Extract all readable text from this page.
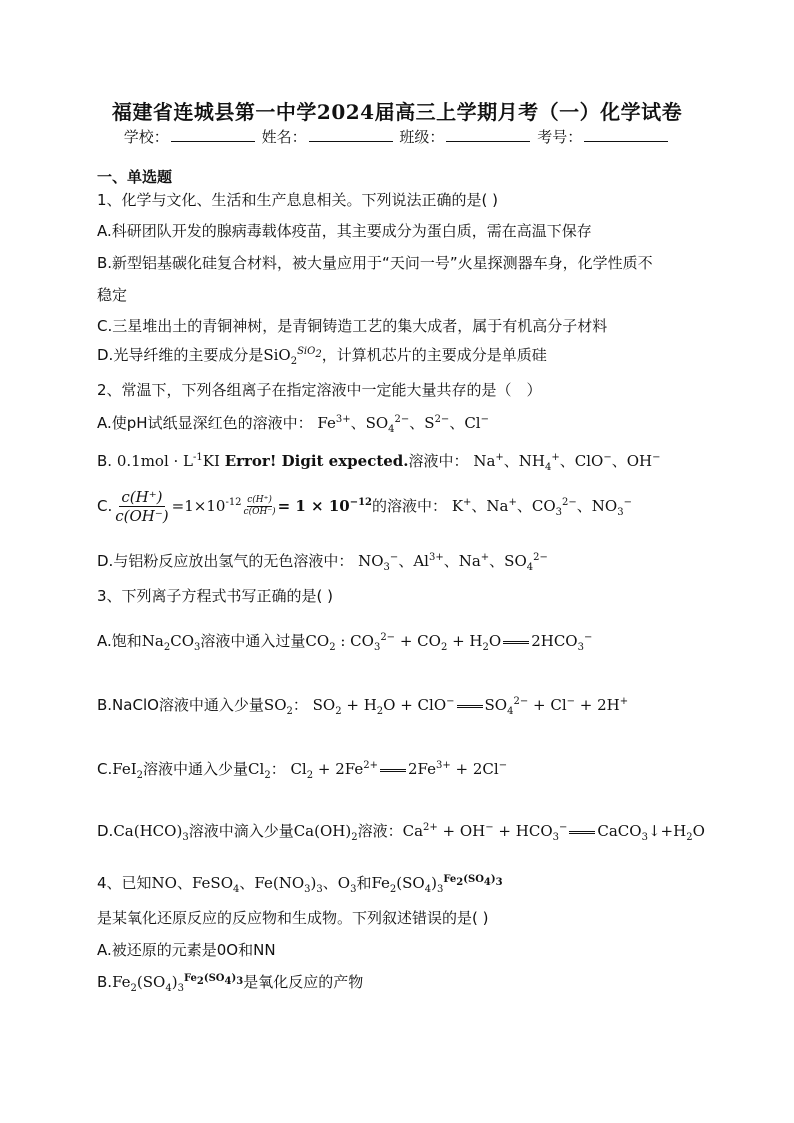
福建省连城县第一中学2024届高三上学期月考（一）化学试卷
学校：	姓名：	班级：	考号：
一、单选题
1、化学与文化、生活和生产息息相关。下列说法正确的是( )
A.科研团队开发的腺病毒载体疫苗，其主要成分为蛋白质，需在高温下保存
B.新型铝基碳化硅复合材料，被大量应用于“天问一号”火星探测器车身，化学性质不
稳定
C.三星堆出土的青铜神树，是青铜铸造工艺的集大成者，属于有机高分子材料
D.光导纤维的主要成分是SiO$_2^{SiO_2}$，计算机芯片的主要成分是单质硅
2、常温下，下列各组离子在指定溶液中一定能大量共存的是（　）
A.使pH试纸显深红色的溶液中： $Fe^{3+}$、$SO_4^{2-}$、$S^{2-}$、Cl−
B. $0.1mol \cdot L^{-1}KI$ Error! Digit expected.溶液中： Na+、$NH_4^+$、ClO−、OH−
C. $\frac{c(H^+)}{c(OH^-)} =1\times 10^{-12} \frac{c(H^+)}{c(OH^-)} = 1 \times 10^{-12}$的溶液中： K+、Na+、$CO_3^{2-}$、$NO_3^-$
D.与铝粉反应放出氢气的无色溶液中： $NO_3^-$、$Al^{3+}$、Na+、$SO_4^{2-}$
3、下列离子方程式书写正确的是( )
A.饱和$Na_2CO_3$溶液中通入过量$CO_2$ : $CO_3^{2-} + CO_2 + H_2O$ $2HCO_3^-$
B.NaClO溶液中通入少量$SO_2$： $SO_2 + H_2O + ClO^-$ $SO_4^{2-} + Cl^- + 2H^+$
C.FeI$_2$溶液中通入少量$Cl_2$： $Cl_2 + 2Fe^{2+}$ $2Fe^{3+} + 2Cl^-$
$D.Ca(HCO)_3$溶液中滴入少量$Ca(OH)_2$溶液：$Ca^{2+} + OH^- + HCO_3^-$ $CaCO_3↓+H_2O$
4、已知NO、FeSO$_4$、$Fe(NO_3)_3$、$O_3$和$Fe_2(SO_4)_3^{Fe_2(SO_4)_3}$
是某氧化还原反应的反应物和生成物。下列叙述错误的是( )
A.被还原的元素是0O和NN
$B.Fe_2(SO_4)_3^{Fe_2(SO_4)_3}$是氧化反应的产物
